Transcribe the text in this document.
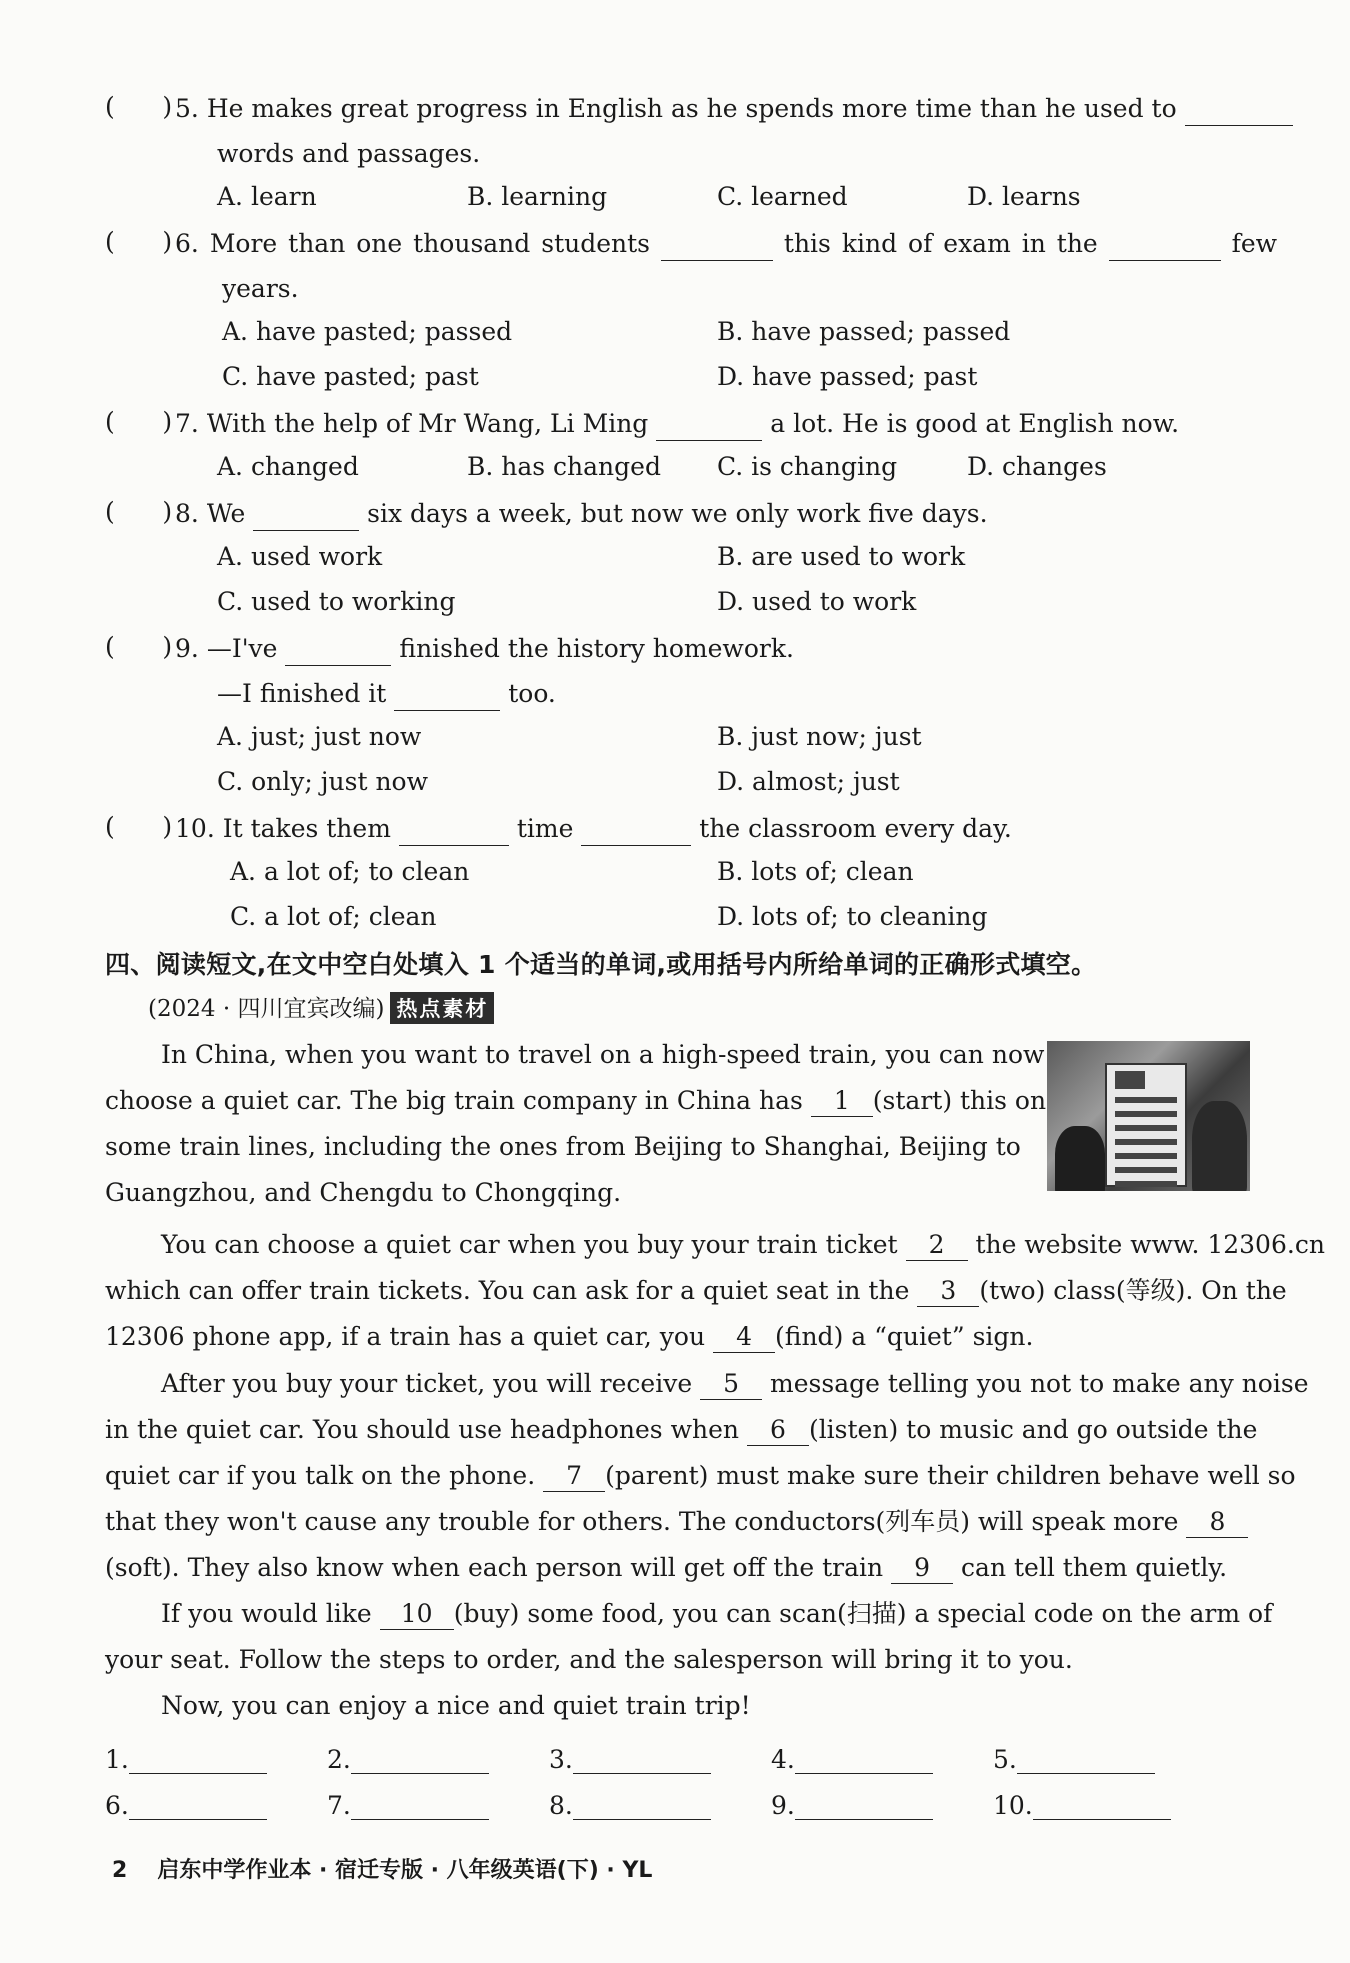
(      ) 5. He makes great progress in English as he spends more time than he used to
words and passages.
A. learn	B. learning	C. learned	D. learns
(      ) 6. More than one thousand students	this kind of exam in the	few
years.
A. have pasted; passed	B. have passed; passed
C. have pasted; past	D. have passed; past
(      ) 7. With the help of Mr Wang, Li Ming	a lot. He is good at English now.
A. changed	B. has changed C. is changing	D. changes
(      ) 8. We	six days a week, but now we only work five days.
A. used work	B. are used to work
C. used to working	D. used to work
(      ) 9. —I've	finished the history homework.
—I finished it	too.
A. just; just now	B. just now; just
C. only; just now	D. almost; just
(      ) 10. It takes them	time	the classroom every day.
A. a lot of; to clean	B. lots of; clean
C. a lot of; clean	D. lots of; to cleaning
四、阅读短文,在文中空白处填入 1 个适当的单词,或用括号内所给单词的正确形式填空。
(2024 · 四川宜宾改编) 热点素材
In China, when you want to travel on a high-speed train, you can now
choose a quiet car. The big train company in China has 1 (start) this on
some train lines, including the ones from Beijing to Shanghai, Beijing to
Guangzhou, and Chengdu to Chongqing.
You can choose a quiet car when you buy your train ticket 2 the website www. 12306.cn
which can offer train tickets. You can ask for a quiet seat in the 3 (two) class(等级). On the
12306 phone app, if a train has a quiet car, you 4 (find) a “quiet” sign.
After you buy your ticket, you will receive 5 message telling you not to make any noise
in the quiet car. You should use headphones when 6 (listen) to music and go outside the
quiet car if you talk on the phone. 7 (parent) must make sure their children behave well so
that they won't cause any trouble for others. The conductors(列车员) will speak more 8
(soft). They also know when each person will get off the train 9 can tell them quietly.
If you would like 10 (buy) some food, you can scan(扫描) a special code on the arm of
your seat. Follow the steps to order, and the salesperson will bring it to you.
Now, you can enjoy a nice and quiet train trip!
1.	2.	3.	4.	5.
6.	7.	8.	9.	10.
2 启东中学作业本 · 宿迁专版 · 八年级英语(下) · YL
